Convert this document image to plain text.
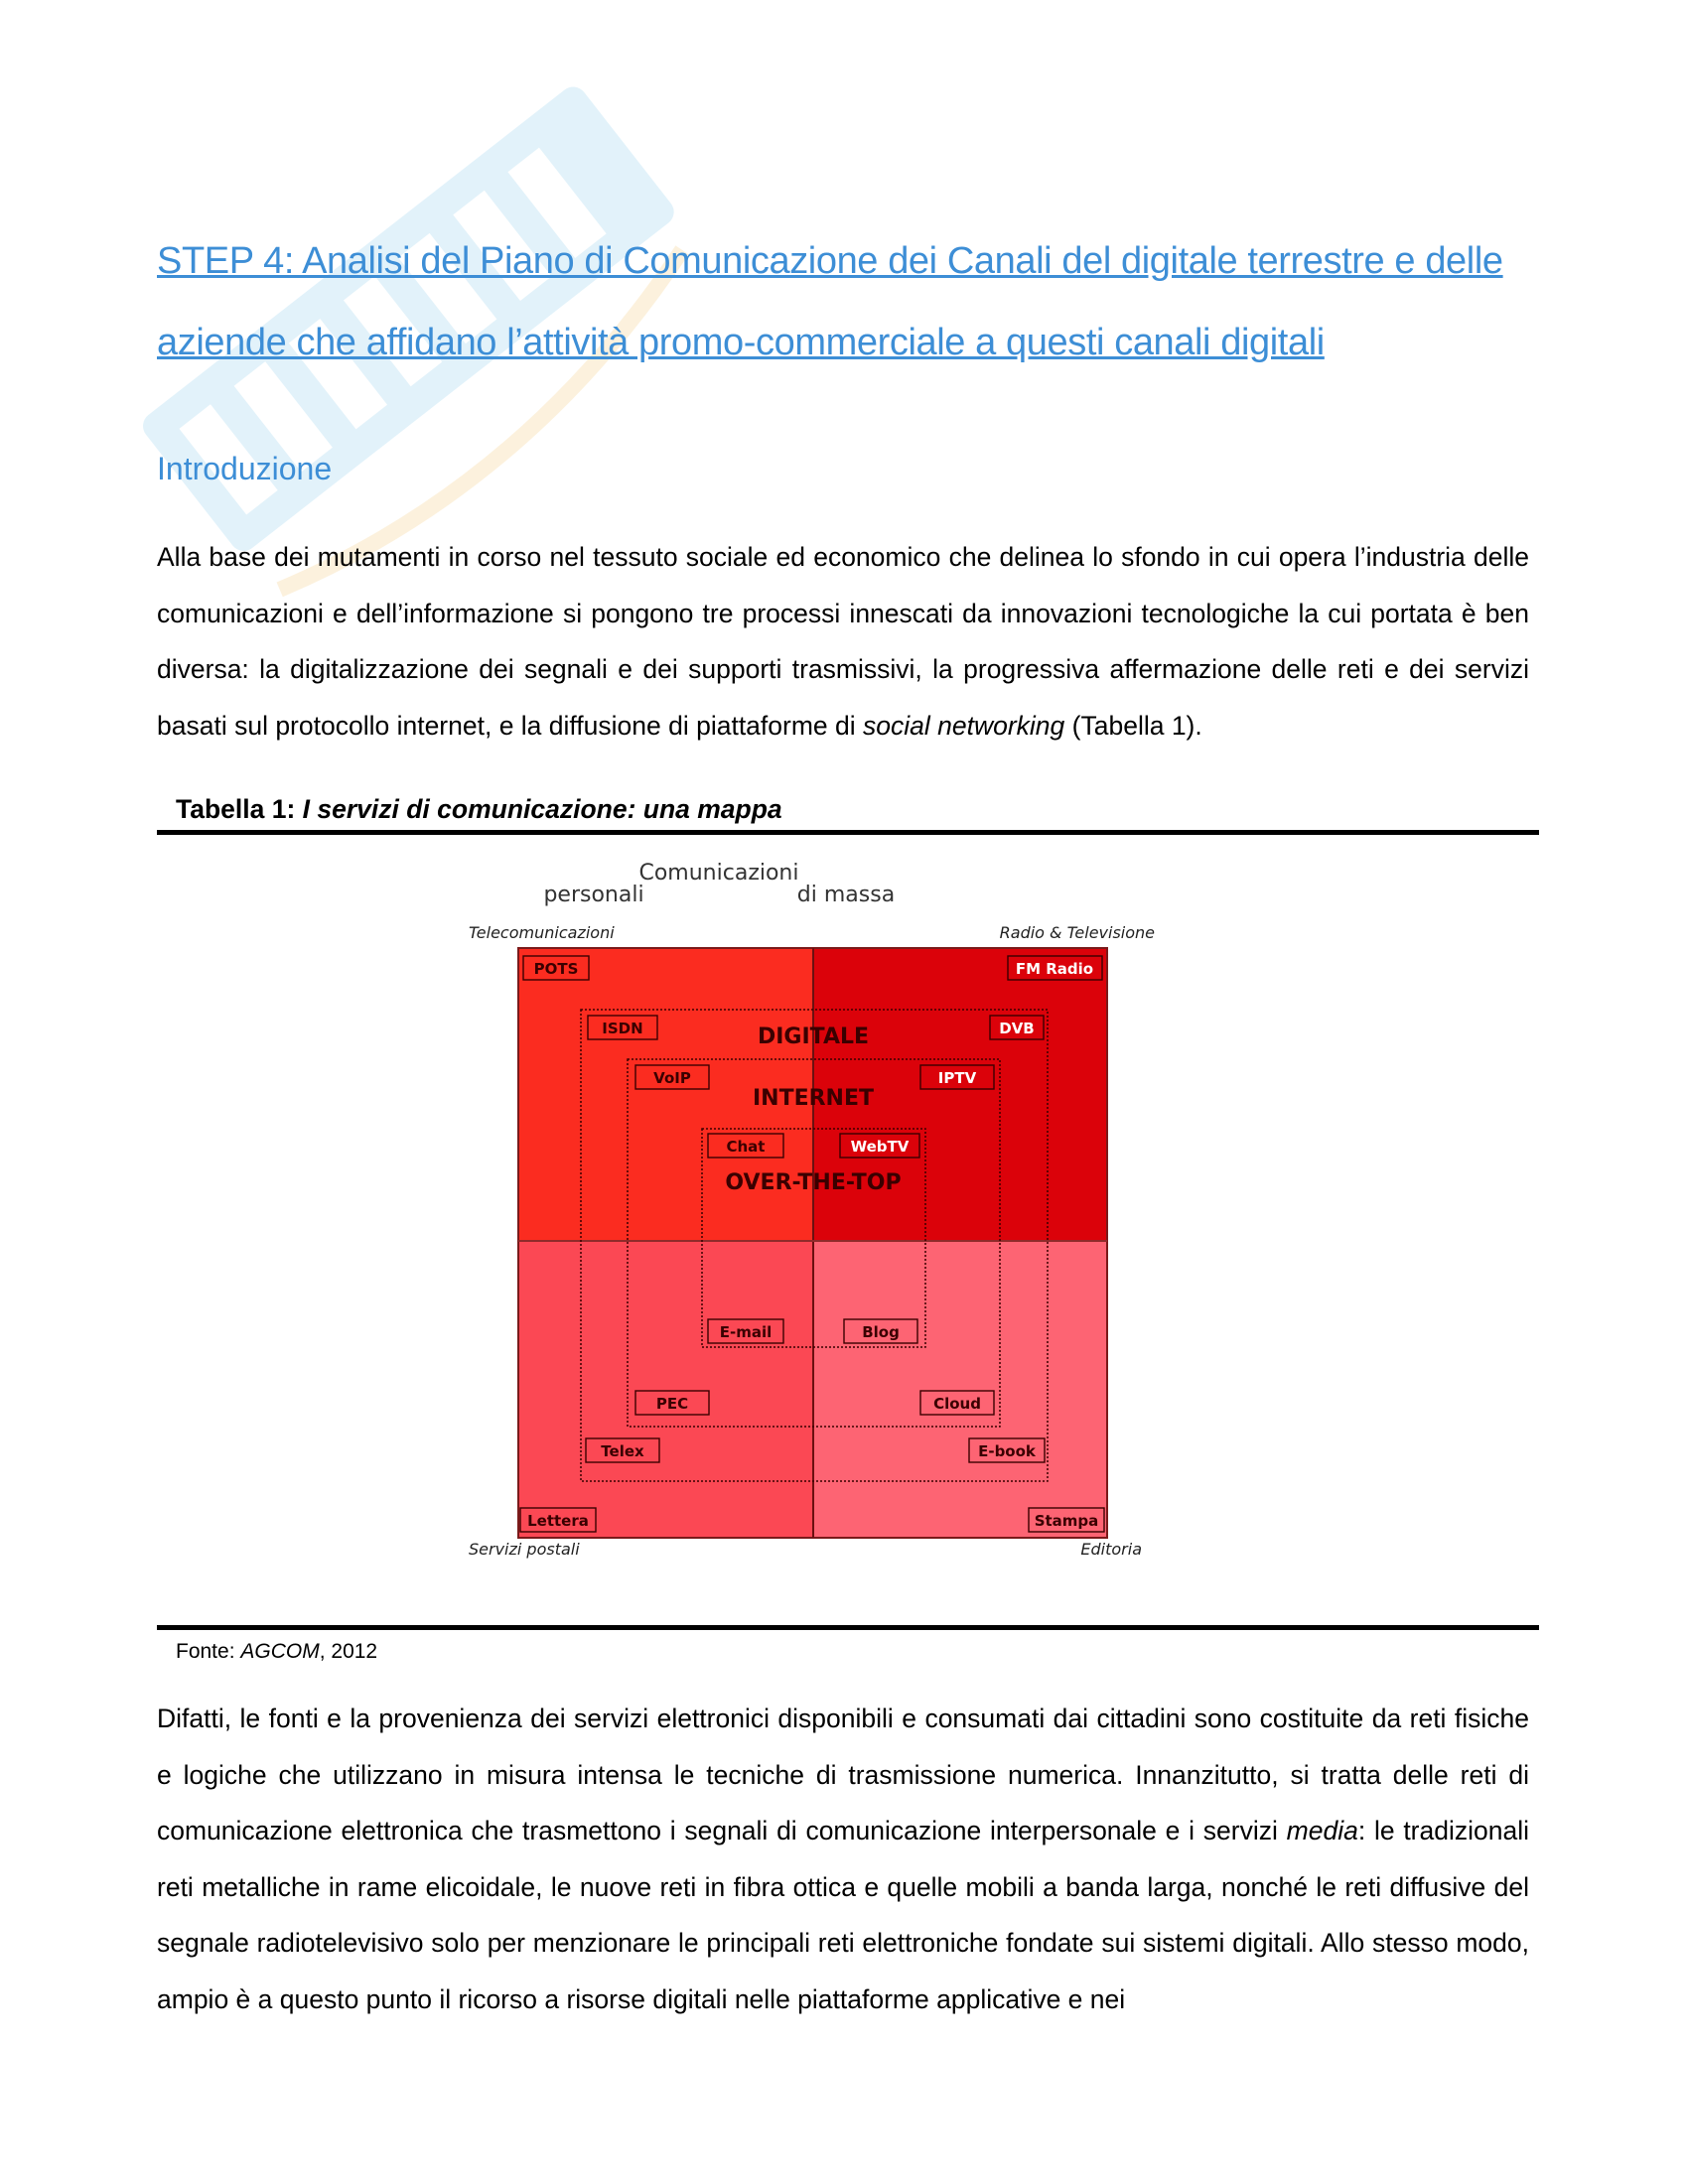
STEP 4: Analisi del Piano di Comunicazione dei Canali del digitale terrestre e delle aziende che affidano l’attività promo-commerciale a questi canali digitali
Introduzione

Alla base dei mutamenti in corso nel tessuto sociale ed economico che delinea lo sfondo in cui opera l’industria delle comunicazioni e dell’informazione si pongono tre processi innescati da innovazioni tecnologiche la cui portata è ben diversa: la digitalizzazione dei segnali e dei supporti trasmissivi, la progressiva affermazione delle reti e dei servizi basati sul protocollo internet, e la diffusione di piattaforme di social networking (Tabella 1).

Tabella 1: I servizi di comunicazione: una mappa
Comunicazioni
personali	di massa
Telecomunicazioni	Radio & Televisione
Servizi postali	Editoria
DIGITALE
INTERNET
OVER-THE-TOP
POTS	FM Radio
ISDN	DVB
VoIP	IPTV
Chat	WebTV
E-mail	Blog
PEC	Cloud
Telex	E-book
Lettera	Stampa
Fonte: AGCOM, 2012

Difatti, le fonti e la provenienza dei servizi elettronici disponibili e consumati dai cittadini sono costituite da reti fisiche e logiche che utilizzano in misura intensa le tecniche di trasmissione numerica. Innanzitutto, si tratta delle reti di comunicazione elettronica che trasmettono i segnali di comunicazione interpersonale e i servizi media: le tradizionali reti metalliche in rame elicoidale, le nuove reti in fibra ottica e quelle mobili a banda larga, nonché le reti diffusive del segnale radiotelevisivo solo per menzionare le principali reti elettroniche fondate sui sistemi digitali. Allo stesso modo, ampio è a questo punto il ricorso a risorse digitali nelle piattaforme applicative e nei
